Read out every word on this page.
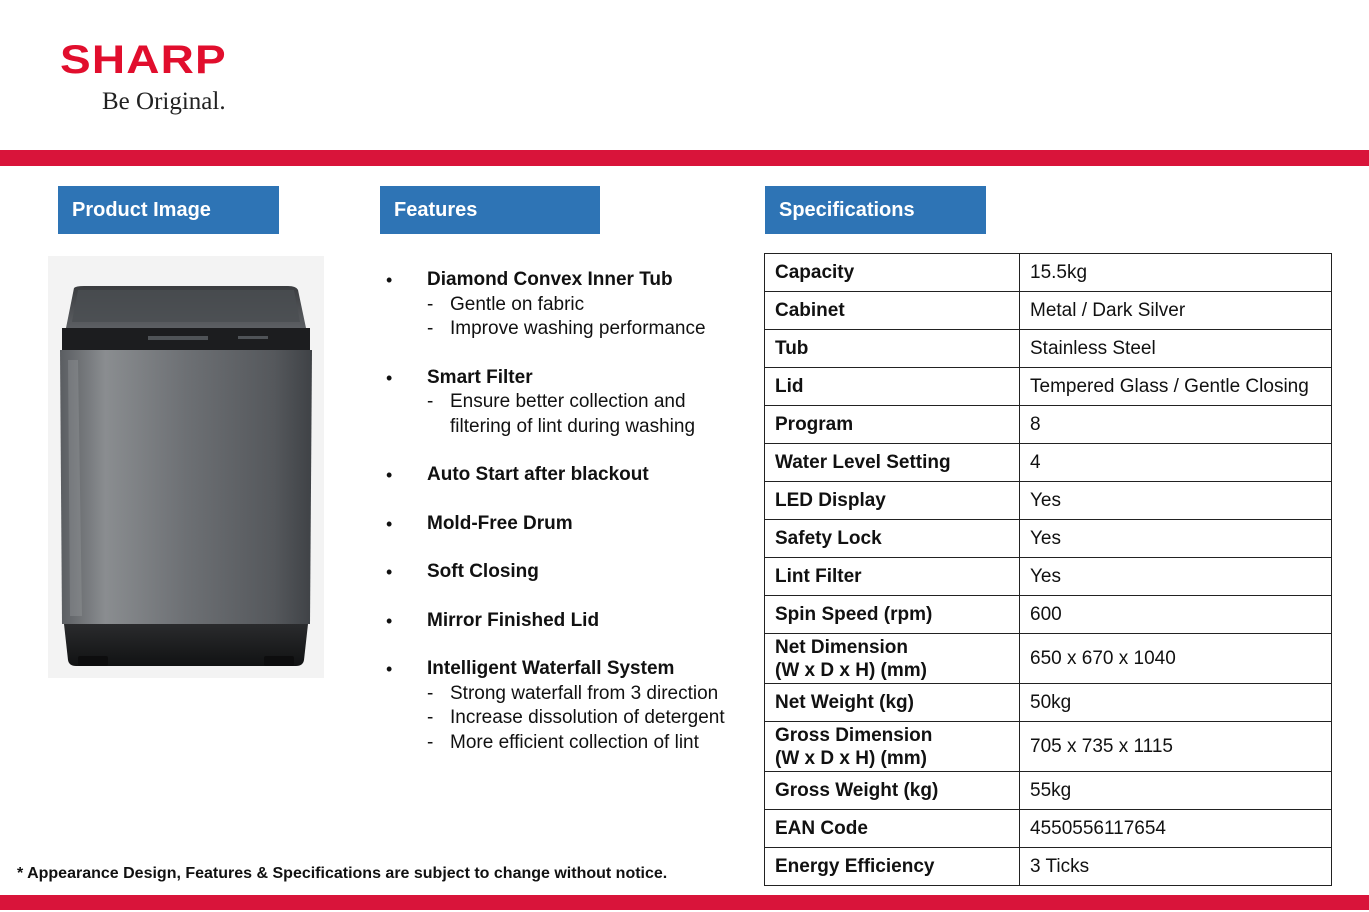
SHARP
Be Original.
Product Image	Features	Specifications
• Diamond Convex Inner Tub
- Gentle on fabric
- Improve washing performance
• Smart Filter
- Ensure better collection and filtering of lint during washing
• Auto Start after blackout
• Mold-Free Drum
• Soft Closing
• Mirror Finished Lid
• Intelligent Waterfall System
- Strong waterfall from 3 direction
- Increase dissolution of detergent
- More efficient collection of lint
Capacity	15.5kg
Cabinet	Metal / Dark Silver
Tub	Stainless Steel
Lid	Tempered Glass / Gentle Closing
Program	8
Water Level Setting	4
LED Display	Yes
Safety Lock	Yes
Lint Filter	Yes
Spin Speed (rpm)	600
Net Dimension
(W x D x H) (mm)	650 x 670 x 1040
Net Weight (kg)	50kg
Gross Dimension
(W x D x H) (mm)	705 x 735 x 1115
Gross Weight (kg)	55kg
EAN Code	4550556117654
Energy Efficiency	3 Ticks
* Appearance Design, Features & Specifications are subject to change without notice.
